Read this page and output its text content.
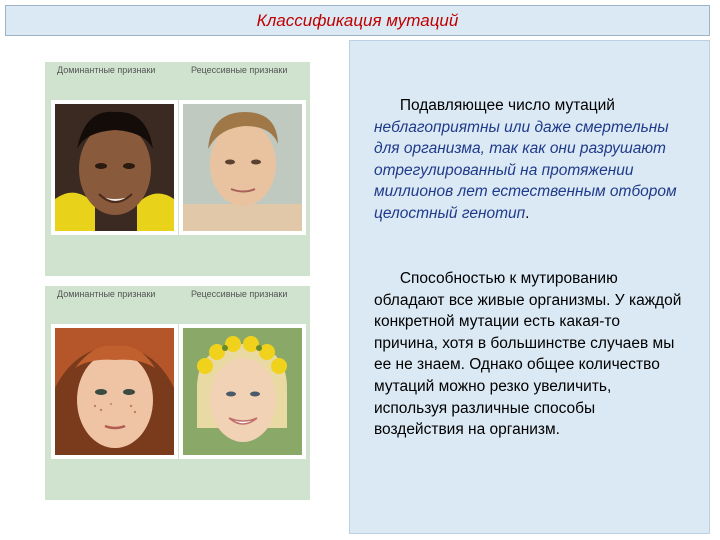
Классификация мутаций
Доминантные признаки	Рецессивные признаки
Доминантные признаки	Рецессивные признаки
Подавляющее число мутаций неблагоприятны или даже смертельны для организма, так как они разрушают отрегулированный на протяжении миллионов лет естественным отбором целостный генотип.
Способностью к мутированию обладают все живые организмы. У каждой конкретной мутации есть какая-то причина, хотя в большинстве случаев мы ее не знаем. Однако общее количество мутаций можно резко увеличить, используя различные способы воздействия на организм.
